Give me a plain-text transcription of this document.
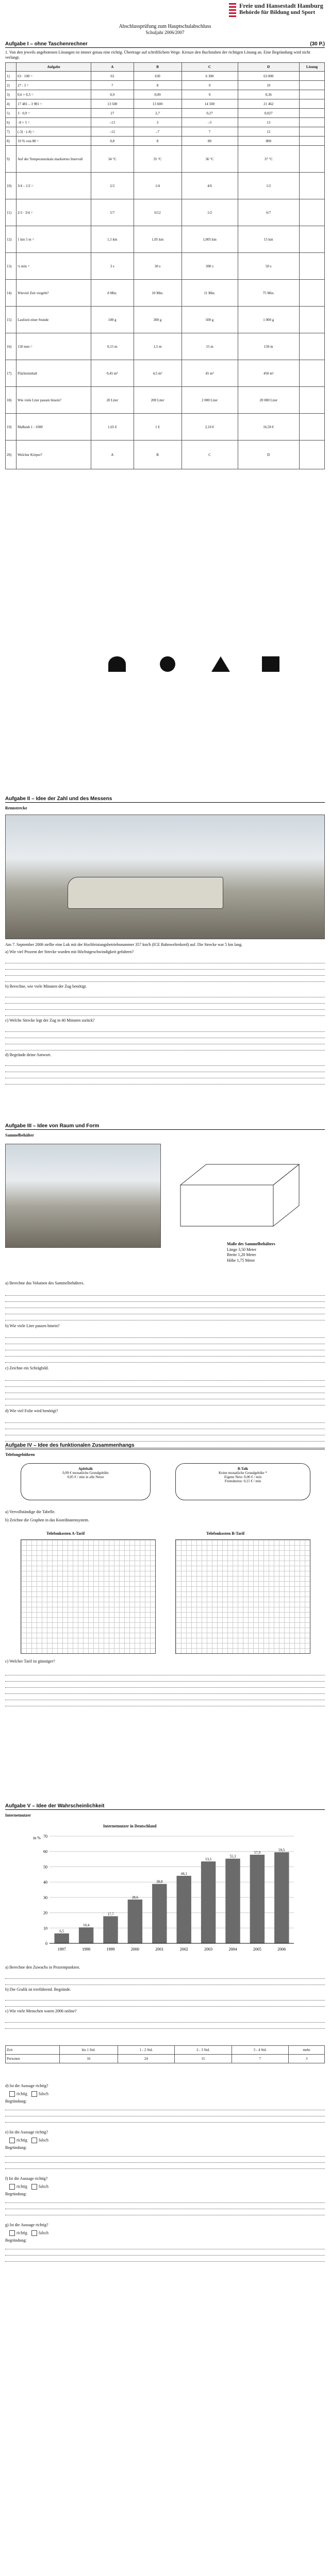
Freie und Hansestadt Hamburg
Behörde für Bildung und Sport
Abschlussprüfung zum Hauptschulabschluss
Schuljahr 2006/2007
Aufgabe I – ohne Taschenrechner	(30 P.)
1. Von den jeweils angebotenen Lösungen ist immer genau eine richtig. Übertrage auf schriftlichem Wege. Kreuze den Buchstaben der richtigen Lösung an. Eine Begründung wird nicht verlangt.
	Aufgabe	A	B	C	D	Lösung
1)	63 · 100 =	63	630	6 300	63 000	
2)	27 : 3 =	7	8	9	10	
3)	0,6 + 0,3 =	0,9	0,09	9	0,36	
4)	17 481 – 3 981 =	13 500	13 600	14 500	21 462	
5)	3 · 0,9 =	27	2,7	0,27	0,027	
6)	–8 + 5 =	–13	3	–3	13	
7)	(-3) · (-4) =	–12	–7	7	12	
8)	10 % von 80 =	0,8	8	80	800	
9)	Auf der Temperaturskala markiertes Intervall	34 °C	35 °C	36 °C	37 °C	
10)	3/4 – 1/2 =	2/2	1/4	4/6	1/2	
11)	2/3 · 3/4 =	5/7	6/12	1/2	6/7	
12)	1 km 5 m =	1,5 km	1,05 km	1,005 km	15 km	
13)	½ min =	3 s	30 s	300 s	50 s	
14)	Wieviel Zeit vergeht?	8 Min.	10 Min.	11 Min.	75 Min.	
15)	Laufzeit einer Stunde	100 g	300 g	500 g	1 000 g	
16)	150 mm =	0,15 m	1,5 m	15 m	150 m	
17)	Flächeninhalt	0,45 m²	4,5 m²	45 m²	450 m²	
18)	Wie viele Liter passen hinein?	20 Liter	200 Liter	2 000 Liter	20 000 Liter	
19)	Maßstab 1 : 1000	1,65 €	1 €	2,10 €	16,50 €	
20)	Welcher Körper?	A	B	C	D	
Aufgabe II – Idee der Zahl und des Messens
Rennstrecke
Am 7. September 2006 stellte eine Lok mit der Hochleistungsbetriebsnummer 357 km/h (ICE Bahnweltrekord) auf. Die Strecke war 5 km lang.
a) Wie viel Prozent der Strecke wurden mit Höchstgeschwindigkeit gefahren?
b) Berechne, wie viele Minuten der Zug benötigt.
c) Welche Strecke legt der Zug in 40 Minuten zurück?
d) Begründe deine Antwort.
Aufgabe III – Idee von Raum und Form
Sammelbehälter
Maße des Sammelbehälters
Länge 3,50 Meter
Breite 1,20 Meter
Höhe 1,75 Meter
a) Berechne das Volumen des Sammelbehälters.
b) Wie viele Liter passen hinein?
c) Zeichne ein Schrägbild.
d) Wie viel Folie wird benötigt?
Aufgabe IV – Idee des funktionalen Zusammenhangs
Telefongebühren
Apfeltalk
0,09 € monatliche Grundgebühr
0,05 € / min in alle Netze
B-Talk
Keine monatliche Grundgebühr *
Eigene Netz: 0,06 € / min
Fremdnetze: 0,15 € / min
a) Vervollständige die Tabelle.
b) Zeichne die Graphen in das Koordinatensystem.
Telefonkosten A-Tarif	Telefonkosten B-Tarif
c) Welcher Tarif ist günstiger?
Aufgabe V – Idee der Wahrscheinlichkeit
Internetnutzer
Internetnutzer in Deutschland
0
10
20
30
40
50
60
70
in %
6,5
1997
10,4
1998
17,7
1999
28,6
2000
38,8
2001
44,1
2002
53,5
2003
55,3
2004
57,9
2005
59,5
2006
a) Berechne den Zuwachs in Prozentpunkten.
b) Die Grafik ist irreführend. Begründe.
c) Wie viele Menschen waren 2006 online?
Zeit	bis 1 Std.	1 - 2 Std.	2 - 3 Std.	3 - 4 Std.	mehr
Personen	16	24	15	7	3
d) Ist die Aussage richtig?
richtig	falsch
Begründung:
e) Ist die Aussage richtig?
richtig	falsch
Begründung:
f) Ist die Aussage richtig?
richtig	falsch
Begründung:
g) Ist die Aussage richtig?
richtig	falsch
Begründung:
